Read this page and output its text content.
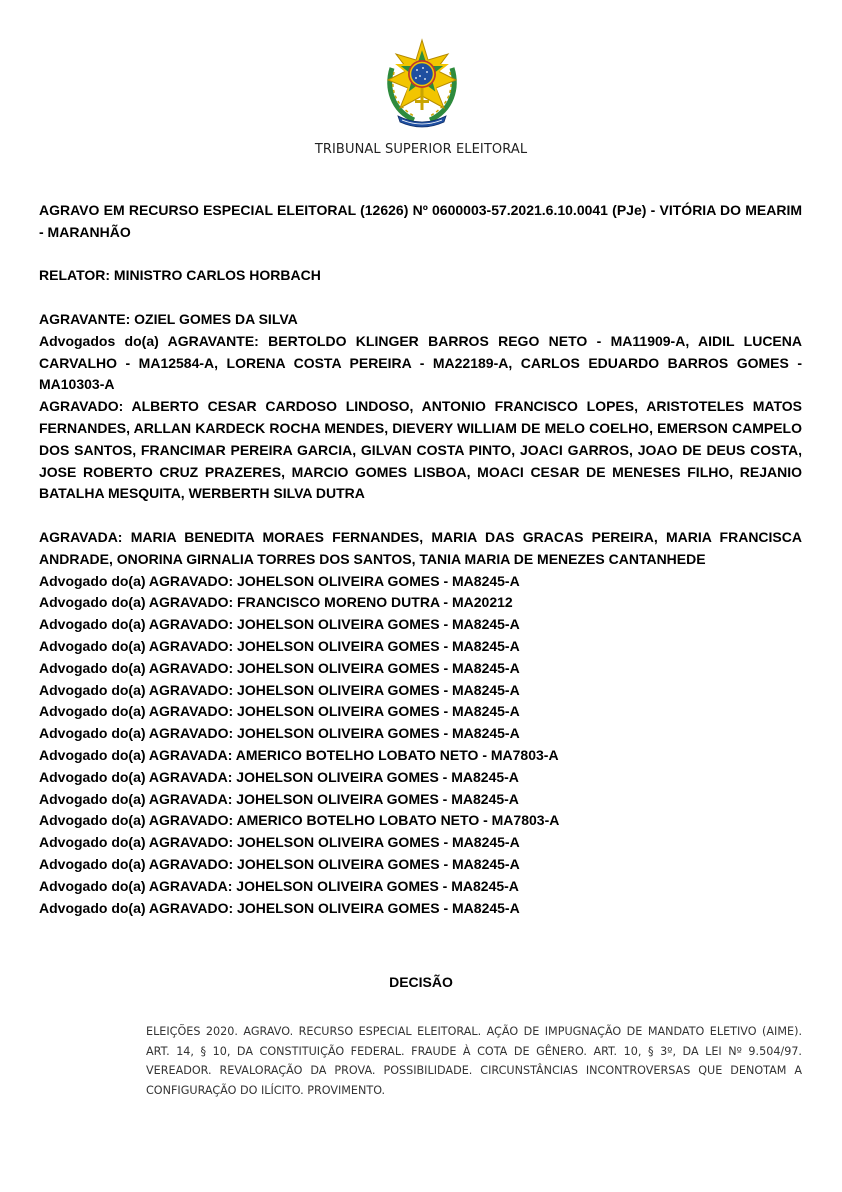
TRIBUNAL SUPERIOR ELEITORAL

AGRAVO EM RECURSO ESPECIAL ELEITORAL (12626) Nº 0600003-57.2021.6.10.0041 (PJe) - VITÓRIA DO MEARIM - MARANHÃO

RELATOR: MINISTRO CARLOS HORBACH

AGRAVANTE: OZIEL GOMES DA SILVA

Advogados do(a) AGRAVANTE: BERTOLDO KLINGER BARROS REGO NETO - MA11909-A, AIDIL LUCENA CARVALHO - MA12584-A, LORENA COSTA PEREIRA - MA22189-A, CARLOS EDUARDO BARROS GOMES - MA10303-A

AGRAVADO: ALBERTO CESAR CARDOSO LINDOSO, ANTONIO FRANCISCO LOPES, ARISTOTELES MATOS FERNANDES, ARLLAN KARDECK ROCHA MENDES, DIEVERY WILLIAM DE MELO COELHO, EMERSON CAMPELO DOS SANTOS, FRANCIMAR PEREIRA GARCIA, GILVAN COSTA PINTO, JOACI GARROS, JOAO DE DEUS COSTA, JOSE ROBERTO CRUZ PRAZERES, MARCIO GOMES LISBOA, MOACI CESAR DE MENESES FILHO, REJANIO BATALHA MESQUITA, WERBERTH SILVA DUTRA

AGRAVADA: MARIA BENEDITA MORAES FERNANDES, MARIA DAS GRACAS PEREIRA, MARIA FRANCISCA ANDRADE, ONORINA GIRNALIA TORRES DOS SANTOS, TANIA MARIA DE MENEZES CANTANHEDE

Advogado do(a) AGRAVADO: JOHELSON OLIVEIRA GOMES - MA8245-A
Advogado do(a) AGRAVADO: FRANCISCO MORENO DUTRA - MA20212
Advogado do(a) AGRAVADO: JOHELSON OLIVEIRA GOMES - MA8245-A
Advogado do(a) AGRAVADO: JOHELSON OLIVEIRA GOMES - MA8245-A
Advogado do(a) AGRAVADO: JOHELSON OLIVEIRA GOMES - MA8245-A
Advogado do(a) AGRAVADO: JOHELSON OLIVEIRA GOMES - MA8245-A
Advogado do(a) AGRAVADO: JOHELSON OLIVEIRA GOMES - MA8245-A
Advogado do(a) AGRAVADO: JOHELSON OLIVEIRA GOMES - MA8245-A
Advogado do(a) AGRAVADA: AMERICO BOTELHO LOBATO NETO - MA7803-A
Advogado do(a) AGRAVADA: JOHELSON OLIVEIRA GOMES - MA8245-A
Advogado do(a) AGRAVADA: JOHELSON OLIVEIRA GOMES - MA8245-A
Advogado do(a) AGRAVADO: AMERICO BOTELHO LOBATO NETO - MA7803-A
Advogado do(a) AGRAVADO: JOHELSON OLIVEIRA GOMES - MA8245-A
Advogado do(a) AGRAVADO: JOHELSON OLIVEIRA GOMES - MA8245-A
Advogado do(a) AGRAVADA: JOHELSON OLIVEIRA GOMES - MA8245-A
Advogado do(a) AGRAVADO: JOHELSON OLIVEIRA GOMES - MA8245-A
DECISÃO
ELEIÇÕES 2020. AGRAVO. RECURSO ESPECIAL ELEITORAL. AÇÃO DE IMPUGNAÇÃO DE MANDATO ELETIVO (AIME). ART. 14, § 10, DA CONSTITUIÇÃO FEDERAL. FRAUDE À COTA DE GÊNERO. ART. 10, § 3º, DA LEI Nº 9.504/97. VEREADOR. REVALORAÇÃO DA PROVA. POSSIBILIDADE. CIRCUNSTÂNCIAS INCONTROVERSAS QUE DENOTAM A CONFIGURAÇÃO DO ILÍCITO. PROVIMENTO.
